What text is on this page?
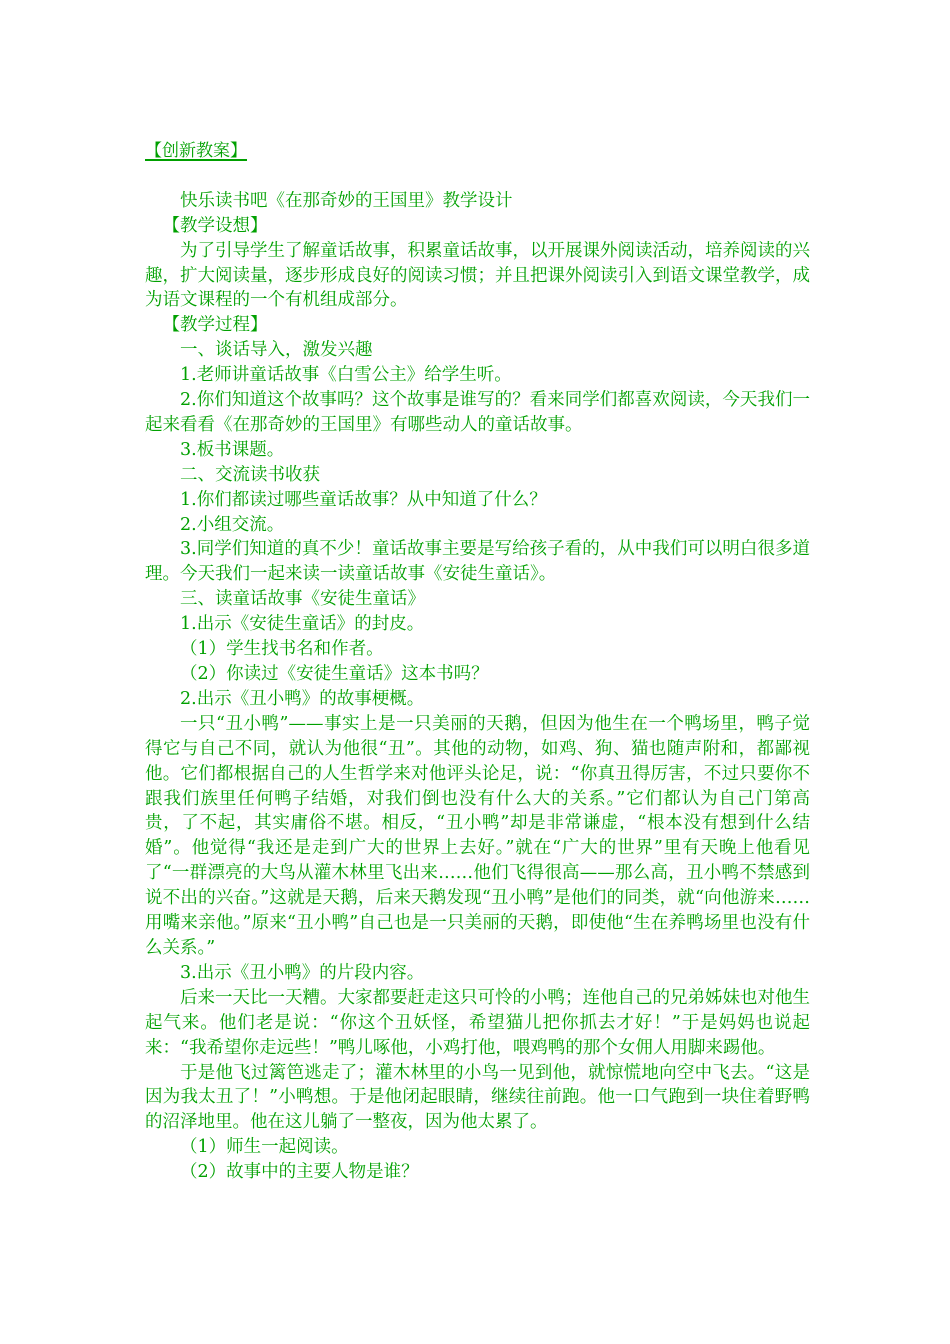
【创新教案】

快乐读书吧《在那奇妙的王国里》教学设计

【教学设想】

为了引导学生了解童话故事，积累童话故事，以开展课外阅读活动，培养阅读的兴趣，扩大阅读量，逐步形成良好的阅读习惯；并且把课外阅读引入到语文课堂教学，成为语文课程的一个有机组成部分。

【教学过程】

一、谈话导入，激发兴趣

1.老师讲童话故事《白雪公主》给学生听。

2.你们知道这个故事吗？这个故事是谁写的？看来同学们都喜欢阅读，今天我们一起来看看《在那奇妙的王国里》有哪些动人的童话故事。

3.板书课题。

二、交流读书收获

1.你们都读过哪些童话故事？从中知道了什么？

2.小组交流。

3.同学们知道的真不少！童话故事主要是写给孩子看的，从中我们可以明白很多道理。今天我们一起来读一读童话故事《安徒生童话》。

三、读童话故事《安徒生童话》

1.出示《安徒生童话》的封皮。

（1）学生找书名和作者。

（2）你读过《安徒生童话》这本书吗？

2.出示《丑小鸭》的故事梗概。

一只“丑小鸭”——事实上是一只美丽的天鹅，但因为他生在一个鸭场里，鸭子觉得它与自己不同，就认为他很“丑”。其他的动物，如鸡、狗、猫也随声附和，都鄙视他。它们都根据自己的人生哲学来对他评头论足，说：“你真丑得厉害，不过只要你不跟我们族里任何鸭子结婚，对我们倒也没有什么大的关系。”它们都认为自己门第高贵，了不起，其实庸俗不堪。相反，“丑小鸭”却是非常谦虚，“根本没有想到什么结婚”。他觉得“我还是走到广大的世界上去好。”就在“广大的世界”里有天晚上他看见了“一群漂亮的大鸟从灌木林里飞出来……他们飞得很高——那么高，丑小鸭不禁感到说不出的兴奋。”这就是天鹅，后来天鹅发现“丑小鸭”是他们的同类，就“向他游来……用嘴来亲他。”原来“丑小鸭”自己也是一只美丽的天鹅，即使他“生在养鸭场里也没有什么关系。”

3.出示《丑小鸭》的片段内容。

后来一天比一天糟。大家都要赶走这只可怜的小鸭；连他自己的兄弟姊妹也对他生起气来。他们老是说：“你这个丑妖怪，希望猫儿把你抓去才好！”于是妈妈也说起来：“我希望你走远些！”鸭儿啄他，小鸡打他，喂鸡鸭的那个女佣人用脚来踢他。

于是他飞过篱笆逃走了；灌木林里的小鸟一见到他，就惊慌地向空中飞去。“这是因为我太丑了！”小鸭想。于是他闭起眼睛，继续往前跑。他一口气跑到一块住着野鸭的沼泽地里。他在这儿躺了一整夜，因为他太累了。

（1）师生一起阅读。

（2）故事中的主要人物是谁？
